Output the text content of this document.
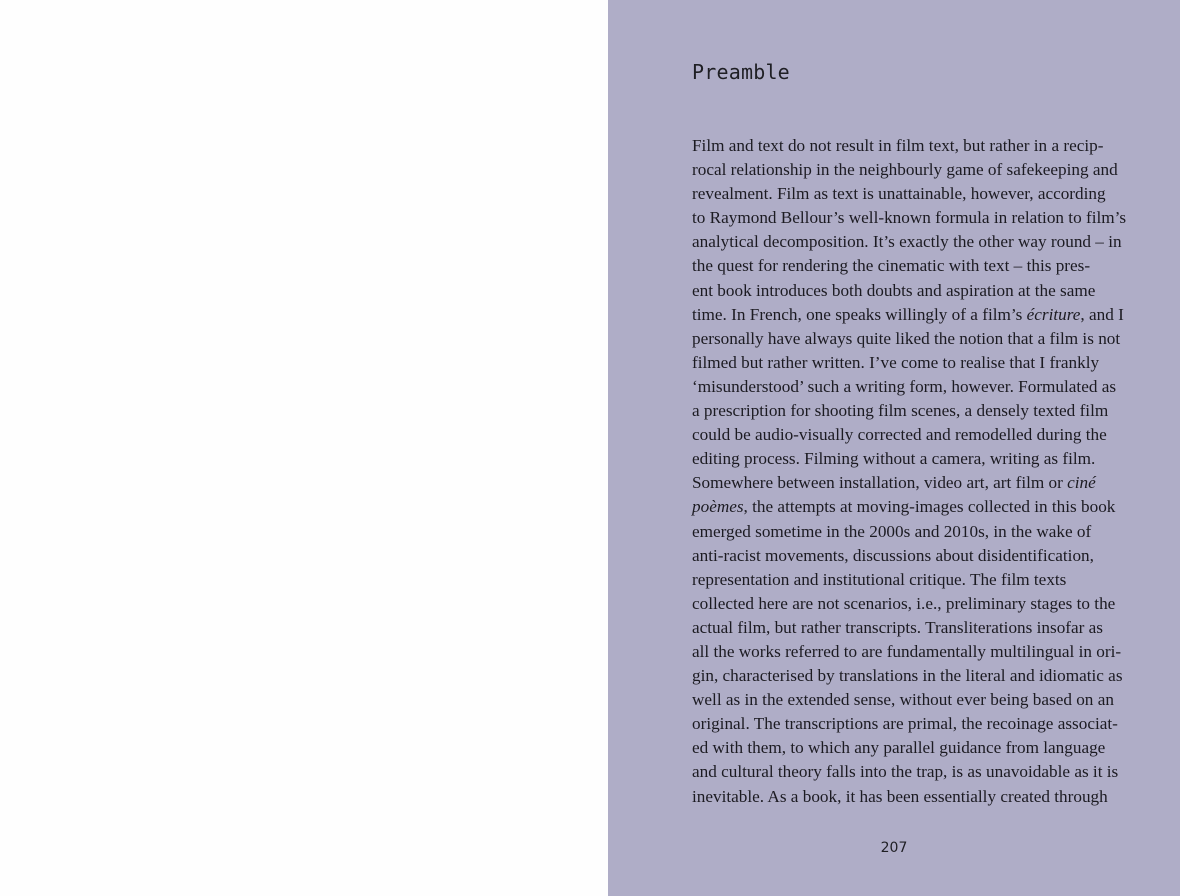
Preamble

Film and text do not result in film text, but rather in a recip-
rocal relationship in the neighbourly game of safekeeping and
revealment. Film as text is unattainable, however, according
to Raymond Bellour’s well-known formula in relation to film’s
analytical decomposition. It’s exactly the other way round – in
the quest for rendering the cinematic with text – this pres-
ent book introduces both doubts and aspiration at the same
time. In French, one speaks willingly of a film’s écriture, and I
personally have always quite liked the notion that a film is not
filmed but rather written. I’ve come to realise that I frankly
‘misunderstood’ such a writing form, however. Formulated as
a prescription for shooting film scenes, a densely texted film
could be audio-visually corrected and remodelled during the
editing process. Filming without a camera, writing as film.
Somewhere between installation, video art, art film or ciné
poèmes, the attempts at moving-images collected in this book
emerged sometime in the 2000s and 2010s, in the wake of
anti-racist movements, discussions about disidentification,
representation and institutional critique. The film texts
collected here are not scenarios, i.e., preliminary stages to the
actual film, but rather transcripts. Transliterations insofar as
all the works referred to are fundamentally multilingual in ori-
gin, characterised by translations in the literal and idiomatic as
well as in the extended sense, without ever being based on an
original. The transcriptions are primal, the recoinage associat-
ed with them, to which any parallel guidance from language
and cultural theory falls into the trap, is as unavoidable as it is
inevitable. As a book, it has been essentially created through

207
